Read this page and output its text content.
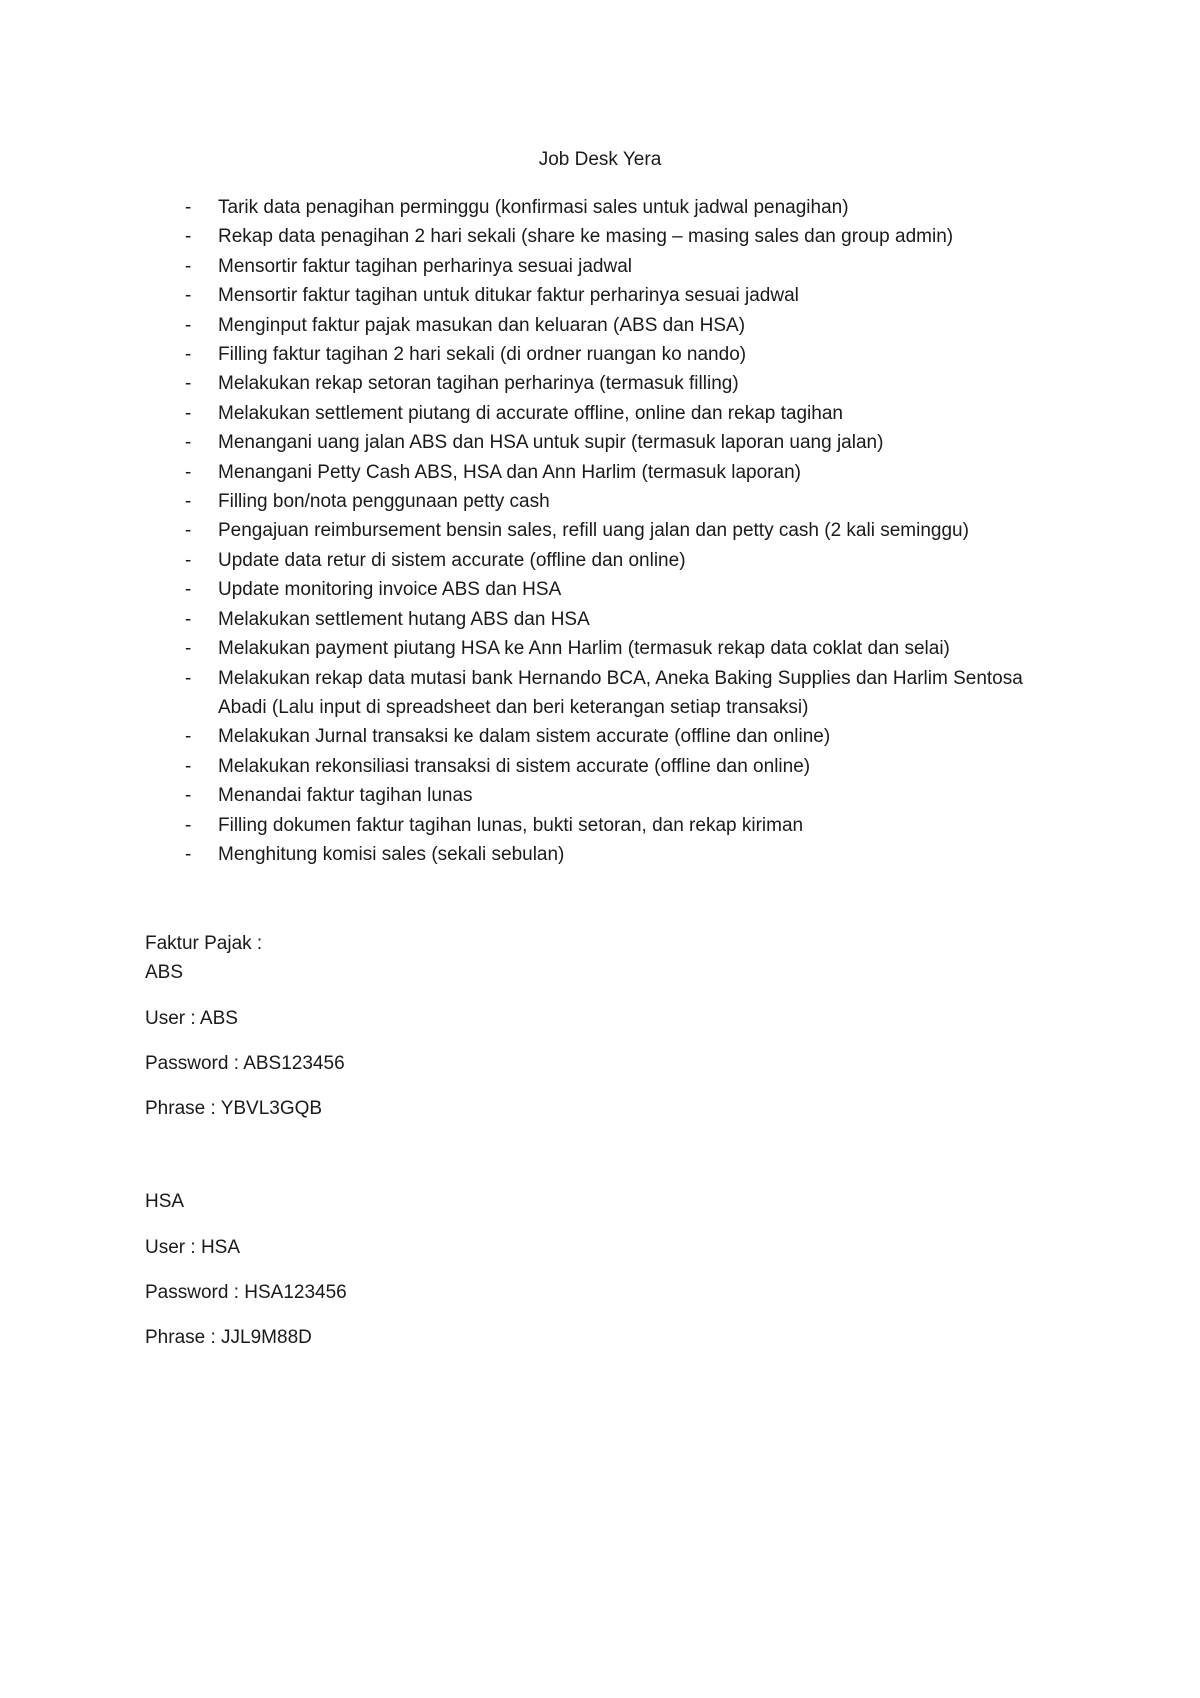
Job Desk Yera
- Tarik data penagihan perminggu (konfirmasi sales untuk jadwal penagihan)
- Rekap data penagihan 2 hari sekali (share ke masing – masing sales dan group admin)
- Mensortir faktur tagihan perharinya sesuai jadwal
- Mensortir faktur tagihan untuk ditukar faktur perharinya sesuai jadwal
- Menginput faktur pajak masukan dan keluaran (ABS dan HSA)
- Filling faktur tagihan 2 hari sekali (di ordner ruangan ko nando)
- Melakukan rekap setoran tagihan perharinya (termasuk filling)
- Melakukan settlement piutang di accurate offline, online dan rekap tagihan
- Menangani uang jalan ABS dan HSA untuk supir (termasuk laporan uang jalan)
- Menangani Petty Cash ABS, HSA dan Ann Harlim (termasuk laporan)
- Filling bon/nota penggunaan petty cash
- Pengajuan reimbursement bensin sales, refill uang jalan dan petty cash (2 kali seminggu)
- Update data retur di sistem accurate (offline dan online)
- Update monitoring invoice ABS dan HSA
- Melakukan settlement hutang ABS dan HSA
- Melakukan payment piutang HSA ke Ann Harlim (termasuk rekap data coklat dan selai)
- Melakukan rekap data mutasi bank Hernando BCA, Aneka Baking Supplies dan Harlim Sentosa Abadi (Lalu input di spreadsheet dan beri keterangan setiap transaksi)
- Melakukan Jurnal transaksi ke dalam sistem accurate (offline dan online)
- Melakukan rekonsiliasi transaksi di sistem accurate (offline dan online)
- Menandai faktur tagihan lunas
- Filling dokumen faktur tagihan lunas, bukti setoran, dan rekap kiriman
- Menghitung komisi sales (sekali sebulan)
Faktur Pajak :
ABS
User : ABS
Password : ABS123456
Phrase : YBVL3GQB
HSA
User : HSA
Password : HSA123456
Phrase : JJL9M88D
